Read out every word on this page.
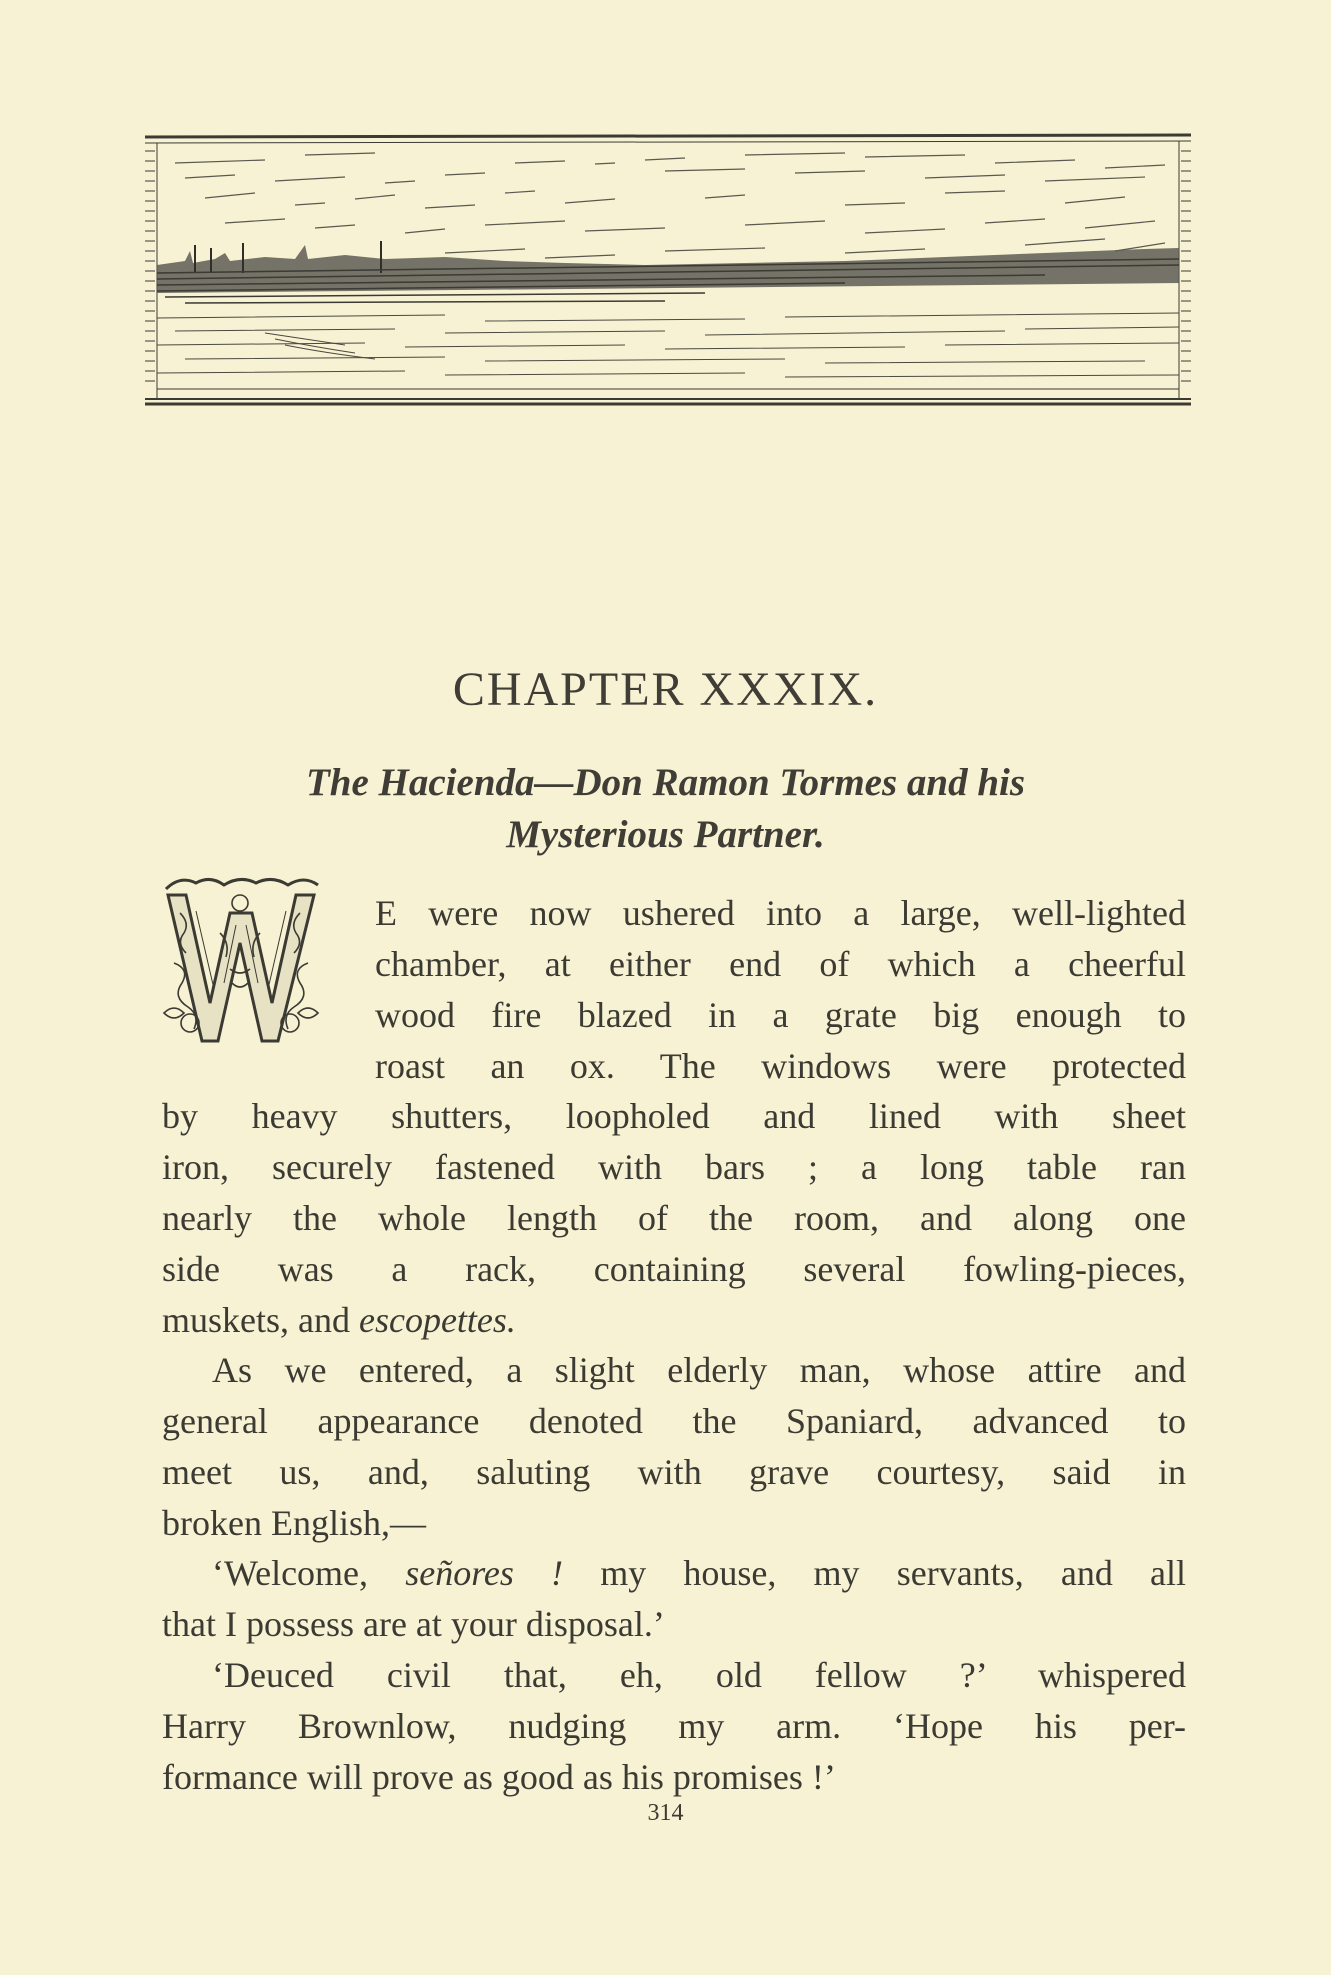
CHAPTER XXXIX.
The Hacienda—Don Ramon Tormes and his
Mysterious Partner.
E were now ushered into a large, well-lighted
chamber, at either end of which a cheerful
wood fire blazed in a grate big enough to
roast an ox. The windows were protected
by heavy shutters, loopholed and lined with sheet
iron, securely fastened with bars ; a long table ran
nearly the whole length of the room, and along one
side was a rack, containing several fowling-pieces,
muskets, and escopettes.
As we entered, a slight elderly man, whose attire and
general appearance denoted the Spaniard, advanced to
meet us, and, saluting with grave courtesy, said in
broken English,—
‘Welcome, señores ! my house, my servants, and all
that I possess are at your disposal.’
‘Deuced civil that, eh, old fellow ?’ whispered
Harry Brownlow, nudging my arm. ‘Hope his per-
formance will prove as good as his promises !’
314
